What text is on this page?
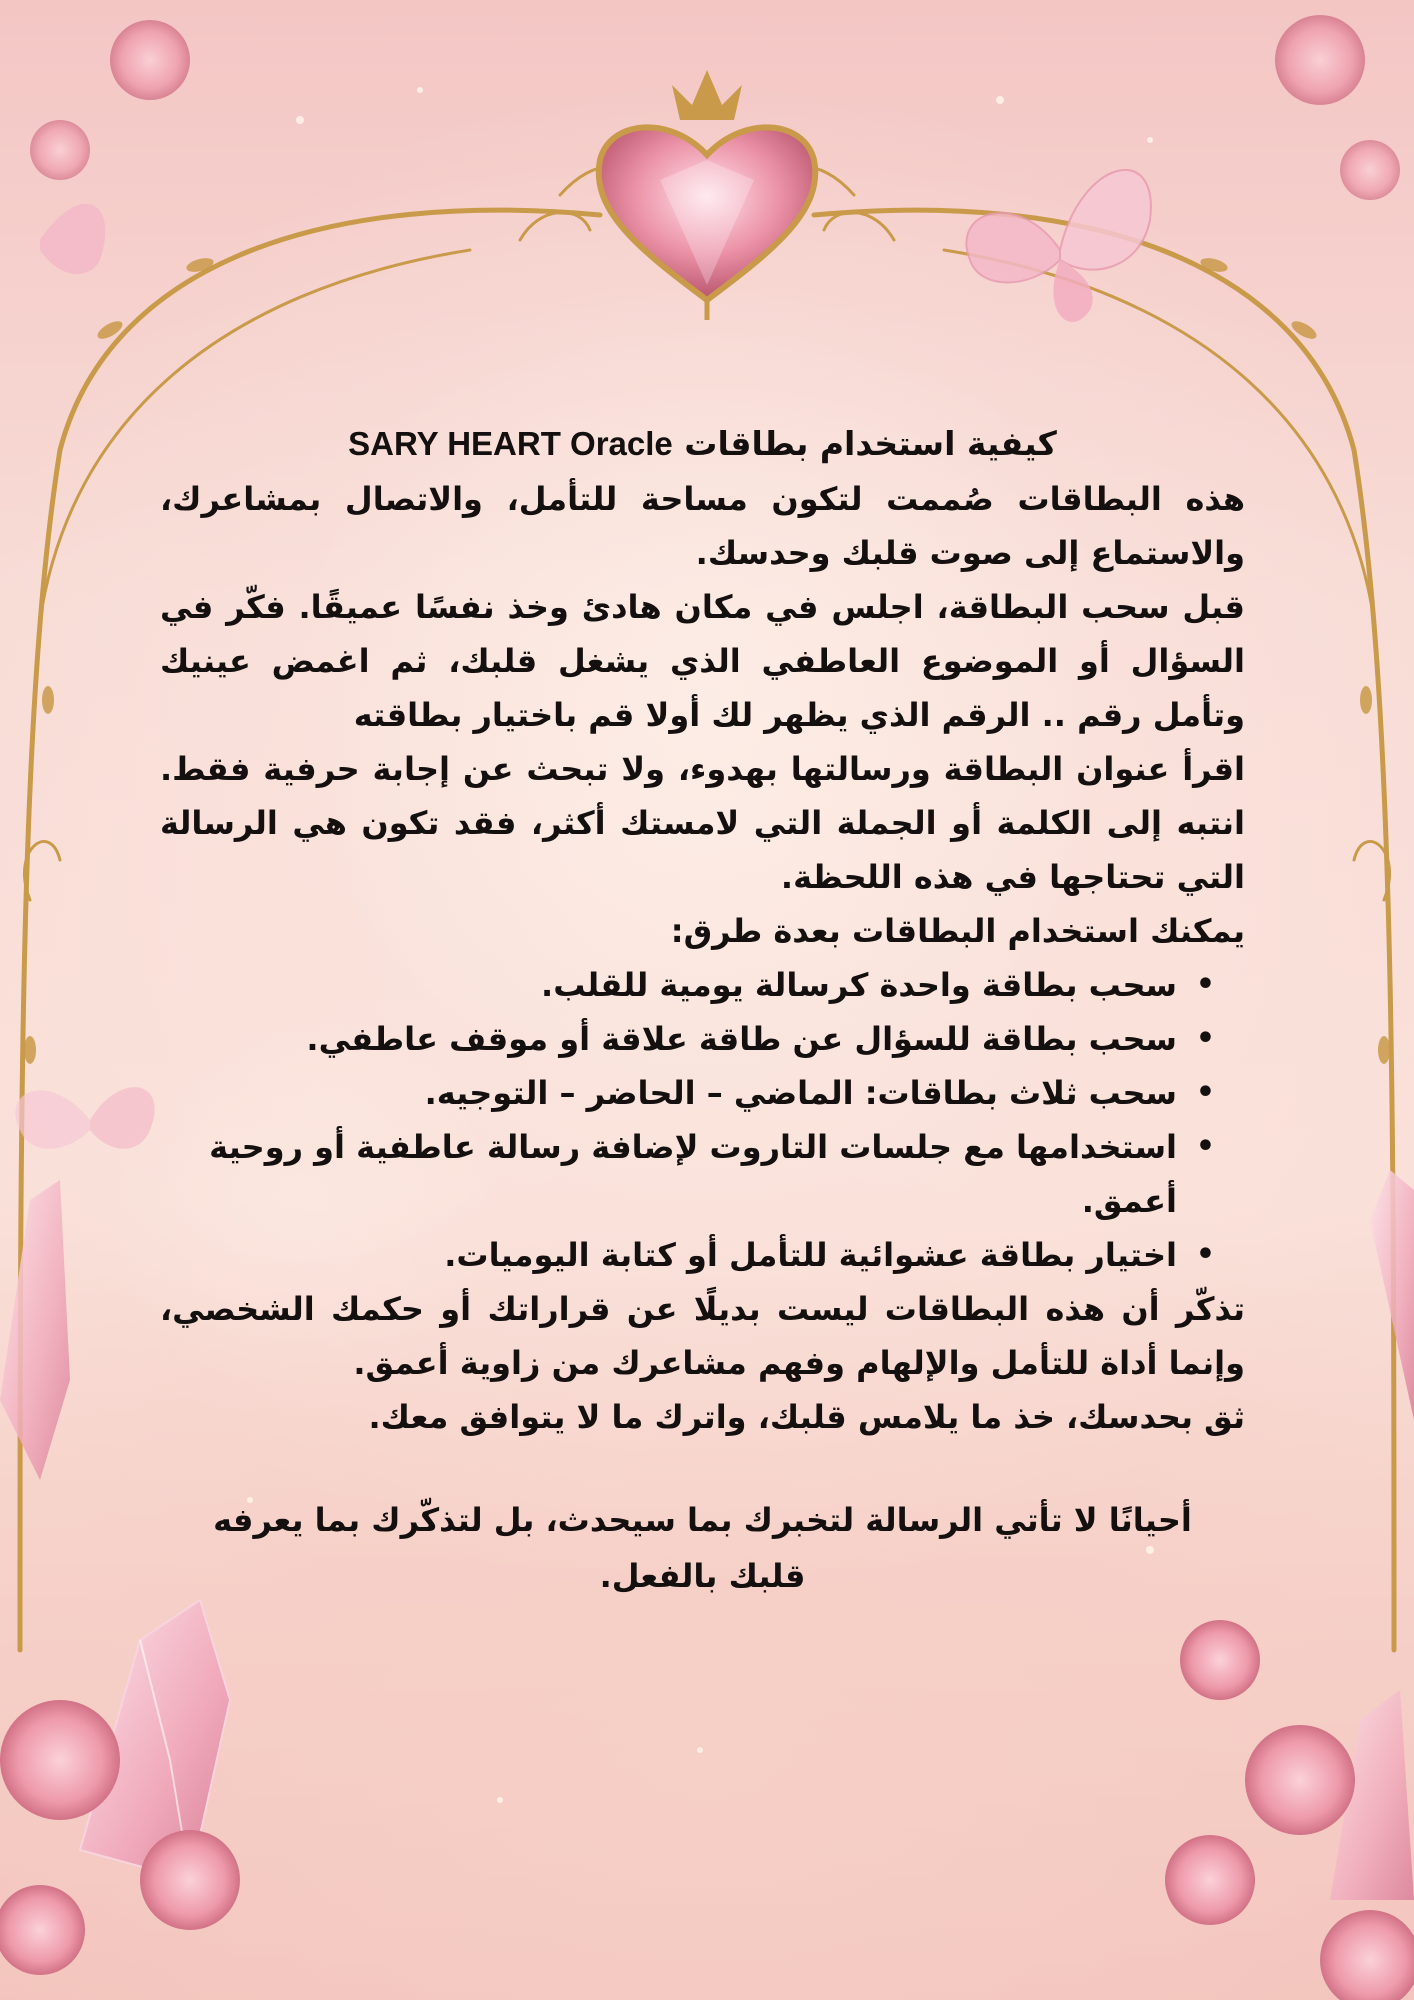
كيفية استخدام بطاقات SARY HEART Oracle

هذه البطاقات صُممت لتكون مساحة للتأمل، والاتصال بمشاعرك، والاستماع إلى صوت قلبك وحدسك.

قبل سحب البطاقة، اجلس في مكان هادئ وخذ نفسًا عميقًا. فكّر في السؤال أو الموضوع العاطفي الذي يشغل قلبك، ثم اغمض عينيك وتأمل رقم .. الرقم الذي يظهر لك أولا قم باختيار بطاقته

اقرأ عنوان البطاقة ورسالتها بهدوء، ولا تبحث عن إجابة حرفية فقط. انتبه إلى الكلمة أو الجملة التي لامستك أكثر، فقد تكون هي الرسالة التي تحتاجها في هذه اللحظة.

يمكنك استخدام البطاقات بعدة طرق:

• سحب بطاقة واحدة كرسالة يومية للقلب.
• سحب بطاقة للسؤال عن طاقة علاقة أو موقف عاطفي.
• سحب ثلاث بطاقات: الماضي – الحاضر – التوجيه.
• استخدامها مع جلسات التاروت لإضافة رسالة عاطفية أو روحية أعمق.
• اختيار بطاقة عشوائية للتأمل أو كتابة اليوميات.

تذكّر أن هذه البطاقات ليست بديلًا عن قراراتك أو حكمك الشخصي، وإنما أداة للتأمل والإلهام وفهم مشاعرك من زاوية أعمق.

ثق بحدسك، خذ ما يلامس قلبك، واترك ما لا يتوافق معك.

أحيانًا لا تأتي الرسالة لتخبرك بما سيحدث، بل لتذكّرك بما يعرفه قلبك بالفعل.
